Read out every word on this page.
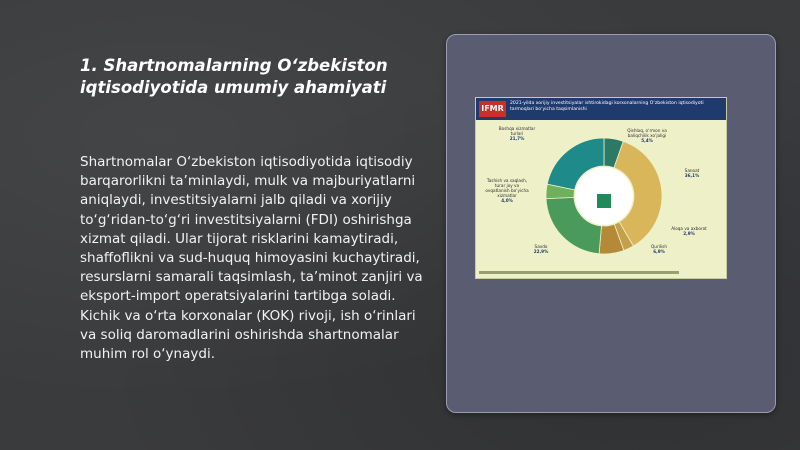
1. Shartnomalarning O‘zbekiston iqtisodiyotida umumiy ahamiyati
Shartnomalar O‘zbekiston iqtisodiyotida iqtisodiy barqarorlikni ta’minlaydi, mulk va majburiyatlarni aniqlaydi, investitsiyalarni jalb qiladi va xorijiy to‘g‘ridan-to‘g‘ri investitsiyalarni (FDI) oshirishga xizmat qiladi. Ular tijorat risklarini kamaytiradi, shaffoflikni va sud-huquq himoyasini kuchaytiradi, resurslarni samarali taqsimlash, ta’minot zanjiri va eksport-import operatsiyalarini tartibga soladi. Kichik va o‘rta korxonalar (KOK) rivoji, ish o‘rinlari va soliq daromadlarini oshirishda shartnomalar muhim rol o‘ynaydi.
IFMR
2021-yilda xorijiy investitsiyalar ishtirokidagi korxonalarning O‘zbekiston iqtisodiyoti tarmoqlari bo‘yicha taqsimlanishi
Boshqa xizmatlar turlari
21,7%
Qishloq, o‘rmon va baliqchilik xo‘jaligi
5,4%
Sanoat
36,1%
Tashish va saqlash, turar joy va ovqatlanish bo‘yicha xizmatlar
4,0%
Aloqa va axborot
2,9%
Qurilish
6,9%
Savdo
22,9%
